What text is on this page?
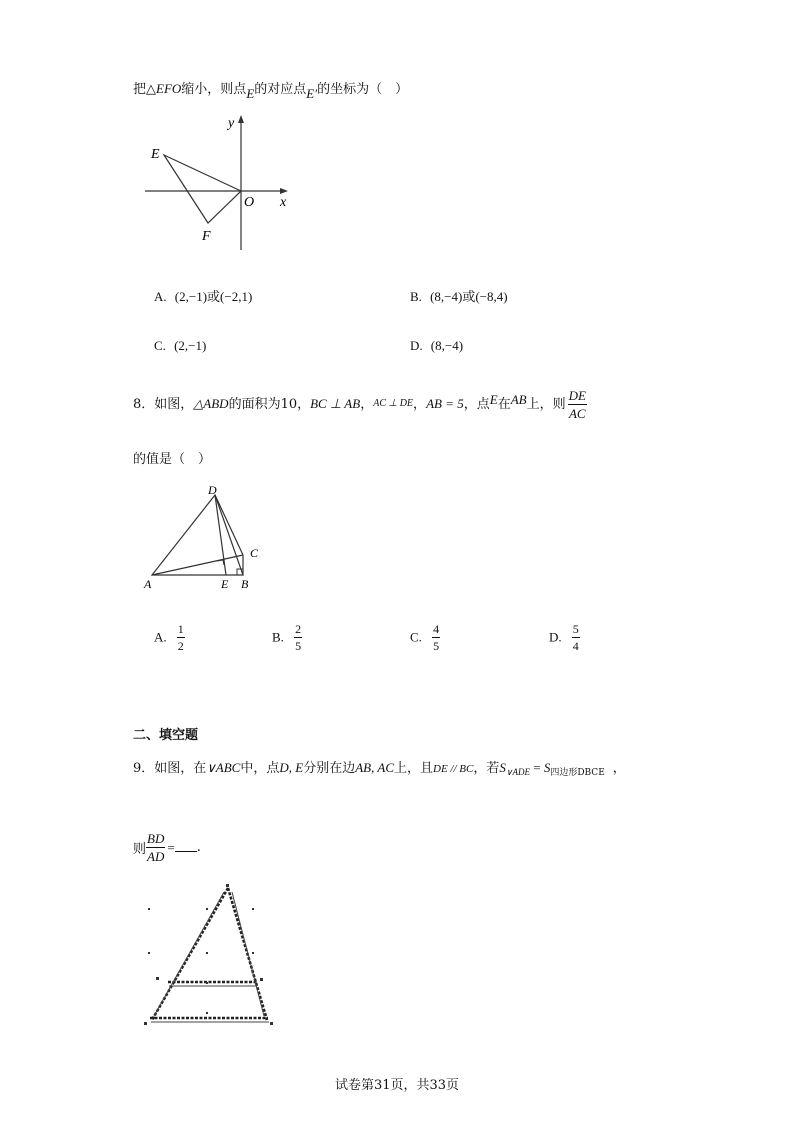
把△EFO缩小，则点E的对应点E′的坐标为（　）
y
x
E
O
F
A. (2,−1)或(−2,1)	B. (8,−4)或(−8,4)
C. (2,−1)	D. (8,−4)
8．如图，△ABD的面积为10，BC ⊥ AB，AC ⊥ DE，AB = 5，点E在AB上，则 $\frac{DE}{AC}$
的值是（　）
D
C
A	E B
A. $\frac{1}{2}$	B. $\frac{2}{5}$	C. $\frac{4}{5}$	D. $\frac{5}{4}$
二、填空题
9．如图，在∨ABC中，点D, E分别在边AB, AC上，且DE // BC，若$S_{\vee ADE} = S_{四边形DBCE}$ ，
则 $\frac{BD}{AD}$ = .
试卷第31页，共33页
